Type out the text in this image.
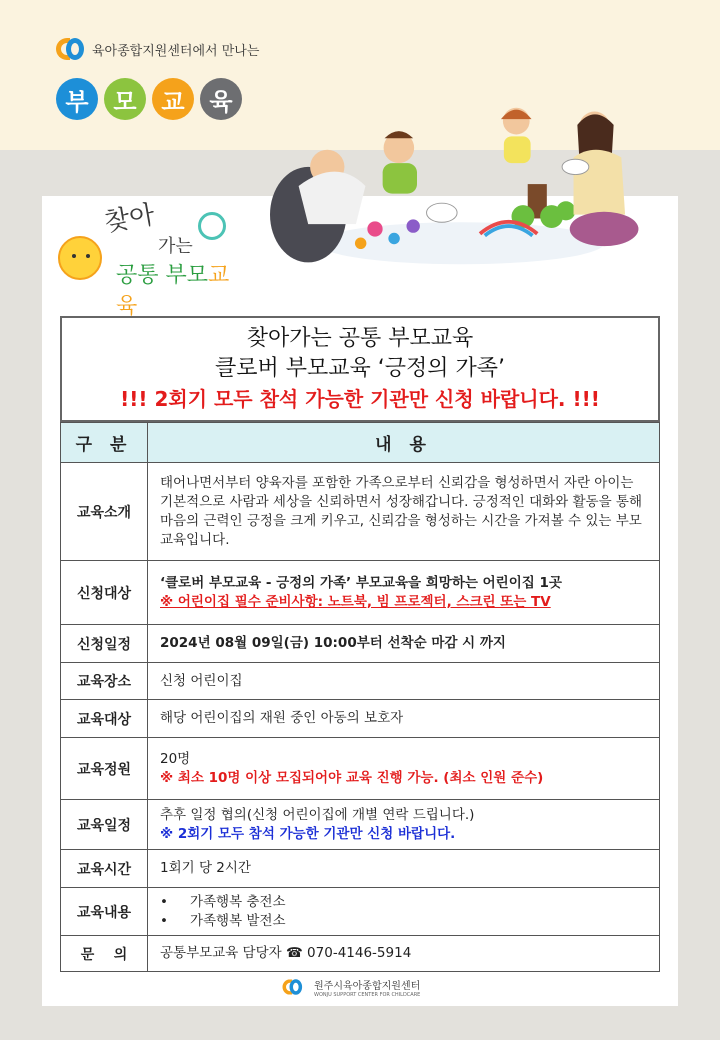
육아종합지원센터에서 만나는
부	모	교	육
찾아
가는
공통 부모교육
찾아가는 공통 부모교육
클로버 부모교육 ‘긍정의 가족’
!!! 2회기 모두 참석 가능한 기관만 신청 바랍니다. !!!
구 분	내 용
교육소개	태어나면서부터 양육자를 포함한 가족으로부터 신뢰감을 형성하면서 자란 아이는 기본적으로 사람과 세상을 신뢰하면서 성장해갑니다. 긍정적인 대화와 활동을 통해 마음의 근력인 긍정을 크게 키우고, 신뢰감을 형성하는 시간을 가져볼 수 있는 부모교육입니다.
신청대상	‘클로버 부모교육 - 긍정의 가족’ 부모교육을 희망하는 어린이집 1곳
※ 어린이집 필수 준비사항: 노트북, 빔 프로젝터, 스크린 또는 TV

신청일정	2024년 08월 09일(금) 10:00부터 선착순 마감 시 까지
교육장소	신청 어린이집
교육대상	해당 어린이집의 재원 중인 아동의 보호자
교육정원	20명
※ 최소 10명 이상 모집되어야 교육 진행 가능. (최소 인원 준수)

교육일정	추후 일정 협의(신청 어린이집에 개별 연락 드립니다.)
※ 2회기 모두 참석 가능한 기관만 신청 바랍니다.

교육시간	1회기 당 2시간
교육내용	• 가족행복 충전소
• 가족행복 발전소

문    의	공통부모교육 담당자 ☎ 070-4146-5914
원주시육아종합지원센터
WONJU SUPPORT CENTER FOR CHILDCARE
